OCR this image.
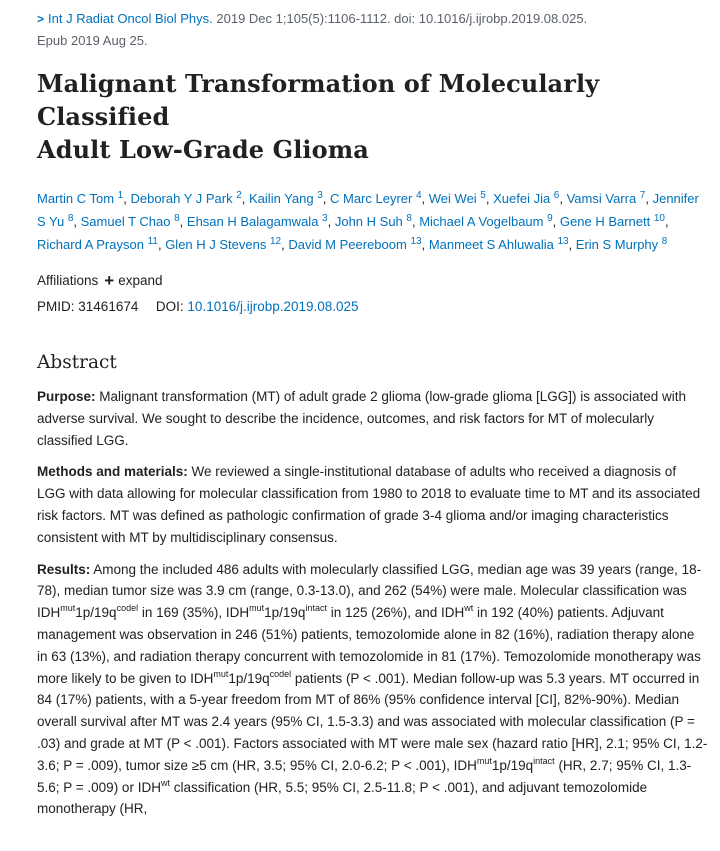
> Int J Radiat Oncol Biol Phys. 2019 Dec 1;105(5):1106-1112. doi: 10.1016/j.ijrobp.2019.08.025.
Epub 2019 Aug 25.
Malignant Transformation of Molecularly Classified
Adult Low-Grade Glioma
Martin C Tom $^1$, Deborah Y J Park $^2$, Kailin Yang $^3$, C Marc Leyrer $^4$, Wei Wei $^5$, Xuefei Jia $^6$, Vamsi Varra $^7$, Jennifer S Yu $^8$, Samuel T Chao $^8$, Ehsan H Balagamwala $^3$, John H Suh $^8$, Michael A Vogelbaum $^9$, Gene H Barnett $^{10}$, Richard A Prayson $^{11}$, Glen H J Stevens $^{12}$, David M Peereboom $^{13}$, Manmeet S Ahluwalia $^{13}$, Erin S Murphy $^8$
Affiliations + expand
PMID: 31461674 DOI: 10.1016/j.ijrobp.2019.08.025
Abstract

Purpose: Malignant transformation (MT) of adult grade 2 glioma (low-grade glioma [LGG]) is associated with adverse survival. We sought to describe the incidence, outcomes, and risk factors for MT of molecularly classified LGG.

Methods and materials: We reviewed a single-institutional database of adults who received a diagnosis of LGG with data allowing for molecular classification from 1980 to 2018 to evaluate time to MT and its associated risk factors. MT was defined as pathologic confirmation of grade 3-4 glioma and/or imaging characteristics consistent with MT by multidisciplinary consensus.

Results: Among the included 486 adults with molecularly classified LGG, median age was 39 years (range, 18-78), median tumor size was 3.9 cm (range, 0.3-13.0), and 262 (54%) were male. Molecular classification was $IDH^{mut}1p/19q^{codel}$ in 169 (35%), $IDH^{mut}1p/19q^{intact}$ in 125 (26%), and $IDH^{wt}$ in 192 (40%) patients. Adjuvant management was observation in 246 (51%) patients, temozolomide alone in 82 (16%), radiation therapy alone in 63 (13%), and radiation therapy concurrent with temozolomide in 81 (17%). Temozolomide monotherapy was more likely to be given to $IDH^{mut}1p/19q^{codel}$ patients (P < .001). Median follow-up was 5.3 years. MT occurred in 84 (17%) patients, with a 5-year freedom from MT of 86% (95% confidence interval [CI], 82%-90%). Median overall survival after MT was 2.4 years (95% CI, 1.5-3.3) and was associated with molecular classification (P = .03) and grade at MT (P < .001). Factors associated with MT were male sex (hazard ratio [HR], 2.1; 95% CI, 1.2-3.6; P = .009), tumor size ≥5 cm (HR, 3.5; 95% CI, 2.0-6.2; P < .001), $IDH^{mut}1p/19q^{intact}$ (HR, 2.7; 95% CI, 1.3-5.6; P = .009) or $IDH^{wt}$ classification (HR, 5.5; 95% CI, 2.5-11.8; P < .001), and adjuvant temozolomide monotherapy (HR,
